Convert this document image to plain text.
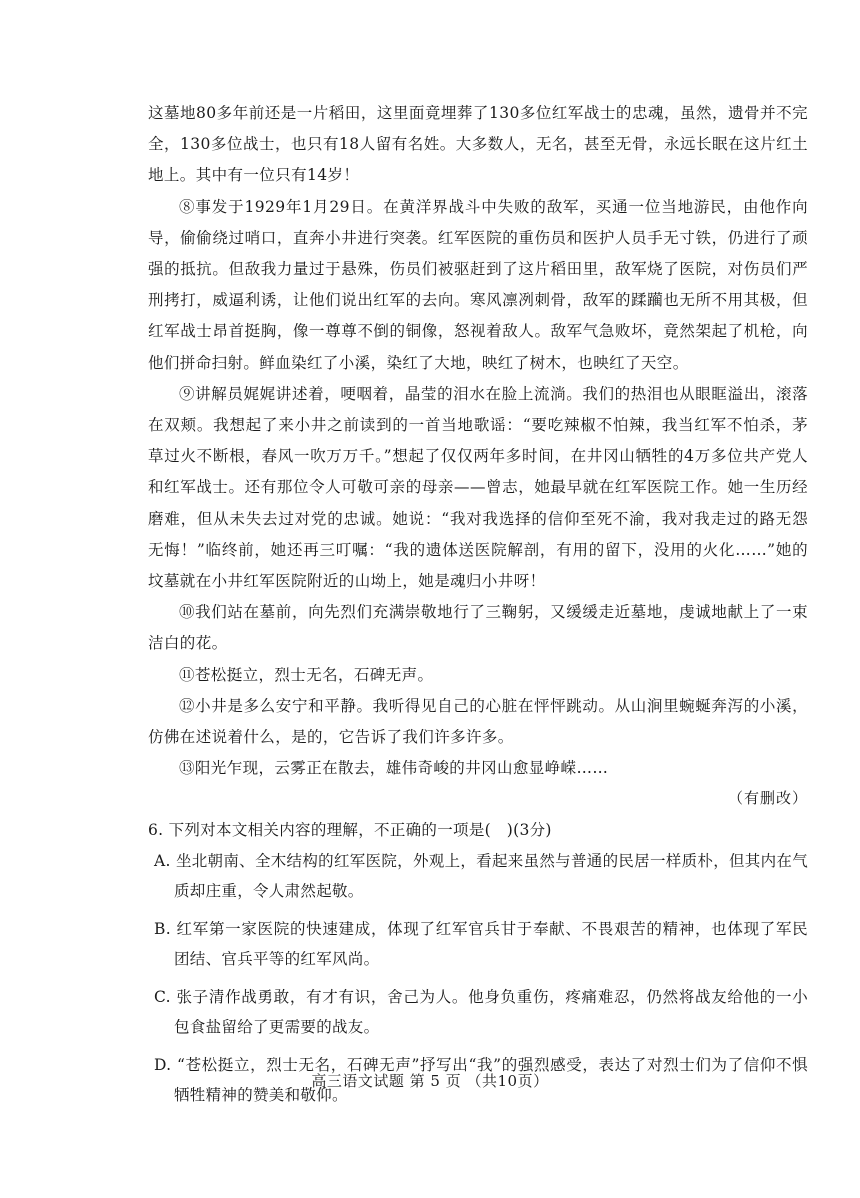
这墓地80多年前还是一片稻田，这里面竟埋葬了130多位红军战士的忠魂，虽然，遗骨并不完全，130多位战士，也只有18人留有名姓。大多数人，无名，甚至无骨，永远长眠在这片红土地上。其中有一位只有14岁！

⑧事发于1929年1月29日。在黄洋界战斗中失败的敌军，买通一位当地游民，由他作向导，偷偷绕过哨口，直奔小井进行突袭。红军医院的重伤员和医护人员手无寸铁，仍进行了顽强的抵抗。但敌我力量过于悬殊，伤员们被驱赶到了这片稻田里，敌军烧了医院，对伤员们严刑拷打，威逼利诱，让他们说出红军的去向。寒风凛冽刺骨，敌军的蹂躏也无所不用其极，但红军战士昂首挺胸，像一尊尊不倒的铜像，怒视着敌人。敌军气急败坏，竟然架起了机枪，向他们拼命扫射。鲜血染红了小溪，染红了大地，映红了树木，也映红了天空。

⑨讲解员娓娓讲述着，哽咽着，晶莹的泪水在脸上流淌。我们的热泪也从眼眶溢出，滚落在双颊。我想起了来小井之前读到的一首当地歌谣：“要吃辣椒不怕辣，我当红军不怕杀，茅草过火不断根，春风一吹万万千。”想起了仅仅两年多时间，在井冈山牺牲的4万多位共产党人和红军战士。还有那位令人可敬可亲的母亲——曾志，她最早就在红军医院工作。她一生历经磨难，但从未失去过对党的忠诚。她说：“我对我选择的信仰至死不渝，我对我走过的路无怨无悔！”临终前，她还再三叮嘱：“我的遗体送医院解剖，有用的留下，没用的火化……”她的坟墓就在小井红军医院附近的山坳上，她是魂归小井呀！

⑩我们站在墓前，向先烈们充满崇敬地行了三鞠躬，又缓缓走近墓地，虔诚地献上了一束洁白的花。

⑪苍松挺立，烈士无名，石碑无声。

⑫小井是多么安宁和平静。我听得见自己的心脏在怦怦跳动。从山涧里蜿蜒奔泻的小溪，仿佛在述说着什么，是的，它告诉了我们许多许多。

⑬阳光乍现，云雾正在散去，雄伟奇峻的井冈山愈显峥嵘……

（有删改）

6. 下列对本文相关内容的理解，不正确的一项是(　)(3分)

A. 坐北朝南、全木结构的红军医院，外观上，看起来虽然与普通的民居一样质朴，但其内在气质却庄重，令人肃然起敬。

B. 红军第一家医院的快速建成，体现了红军官兵甘于奉献、不畏艰苦的精神，也体现了军民团结、官兵平等的红军风尚。

C. 张子清作战勇敢，有才有识，舍己为人。他身负重伤，疼痛难忍，仍然将战友给他的一小包食盐留给了更需要的战友。

D. “苍松挺立，烈士无名，石碑无声”抒写出“我”的强烈感受，表达了对烈士们为了信仰不惧牺牲精神的赞美和敬仰。

高三语文试题 第 5 页 （共10页）
